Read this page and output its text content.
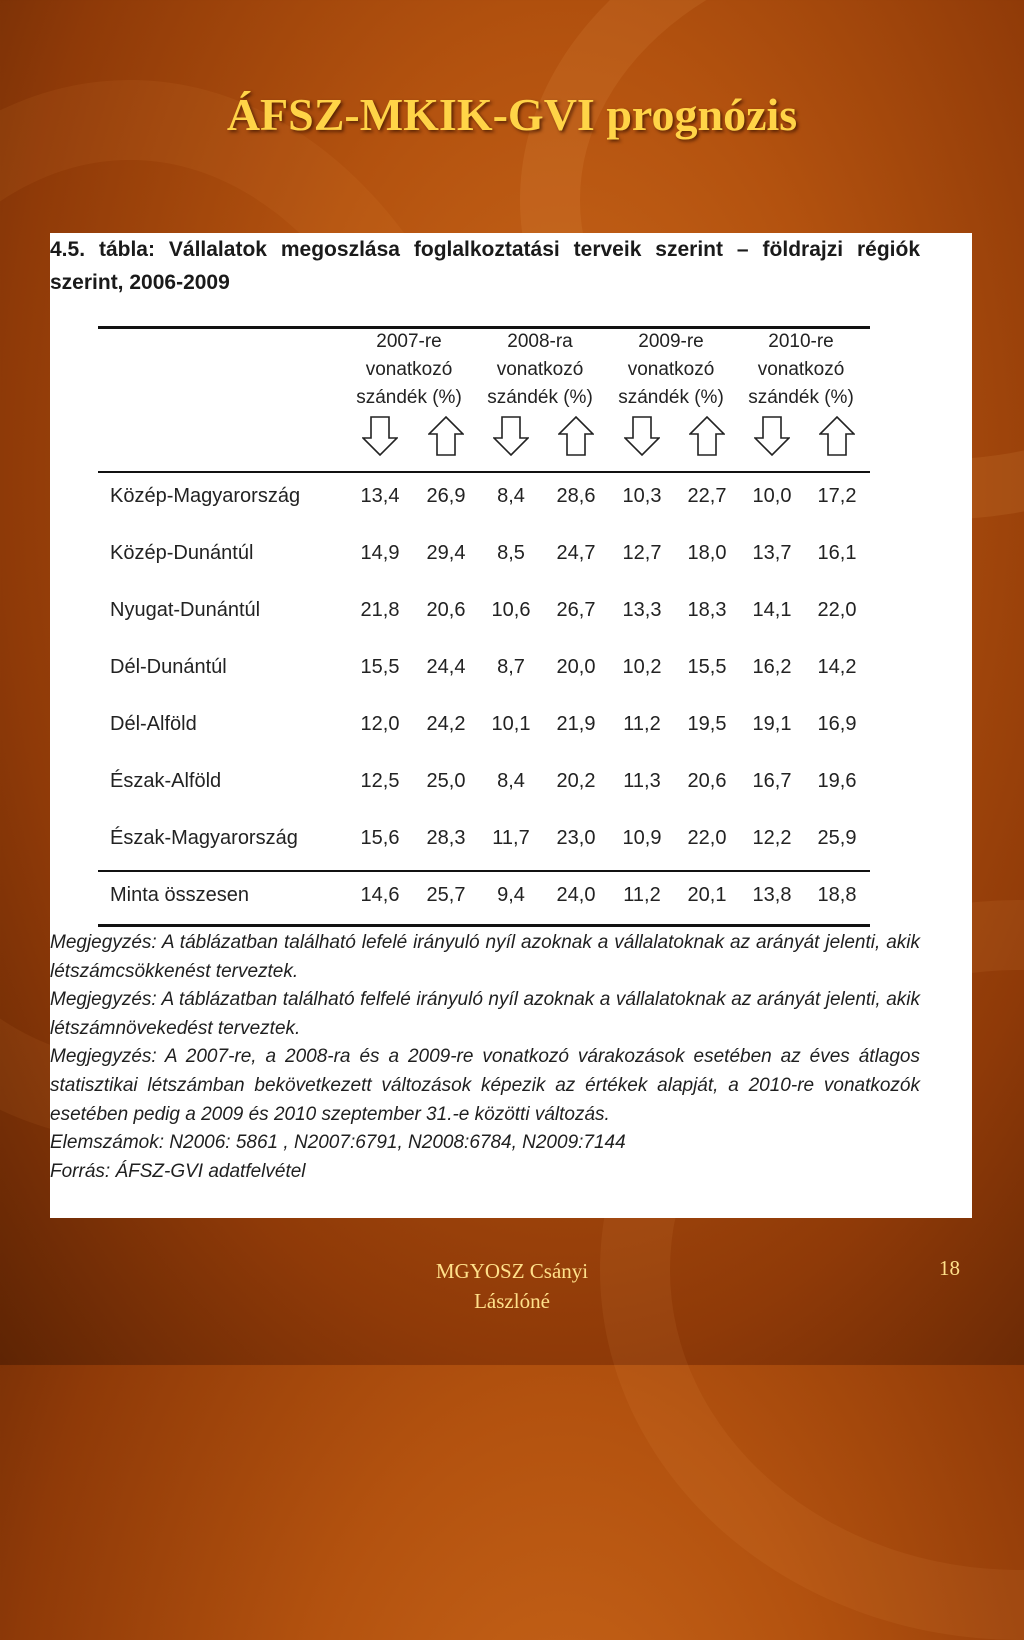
ÁFSZ-MKIK-GVI prognózis

4.5. tábla: Vállalatok megoszlása foglalkoztatási terveik szerint – földrajzi régiók szerint, 2006-2009

2007-re
vonatkozó
szándék (%)
2008-ra
vonatkozó
szándék (%)
2009-re
vonatkozó
szándék (%)
2010-re
vonatkozó
szándék (%)
Közép-Magyarország	13,4	26,9	8,4	28,6	10,3	22,7	10,0	17,2
Közép-Dunántúl	14,9	29,4	8,5	24,7	12,7	18,0	13,7	16,1
Nyugat-Dunántúl	21,8	20,6	10,6	26,7	13,3	18,3	14,1	22,0
Dél-Dunántúl	15,5	24,4	8,7	20,0	10,2	15,5	16,2	14,2
Dél-Alföld	12,0	24,2	10,1	21,9	11,2	19,5	19,1	16,9
Észak-Alföld	12,5	25,0	8,4	20,2	11,3	20,6	16,7	19,6
Észak-Magyarország	15,6	28,3	11,7	23,0	10,9	22,0	12,2	25,9
Minta összesen	14,6	25,7	9,4	24,0	11,2	20,1	13,8	18,8
Megjegyzés: A táblázatban található lefelé irányuló nyíl azoknak a vállalatoknak az arányát jelenti, akik létszámcsökkenést terveztek.
Megjegyzés: A táblázatban található felfelé irányuló nyíl azoknak a vállalatoknak az arányát jelenti, akik létszámnövekedést terveztek.
Megjegyzés: A 2007-re, a 2008-ra és a 2009-re vonatkozó várakozások esetében az éves átlagos statisztikai létszámban bekövetkezett változások képezik az értékek alapját, a 2010-re vonatkozók esetében pedig a 2009 és 2010 szeptember 31.-e közötti változás.
Elemszámok: N2006: 5861 , N2007:6791, N2008:6784, N2009:7144
Forrás: ÁFSZ-GVI adatfelvétel
MGYOSZ Csányi
Lászlóné
18
